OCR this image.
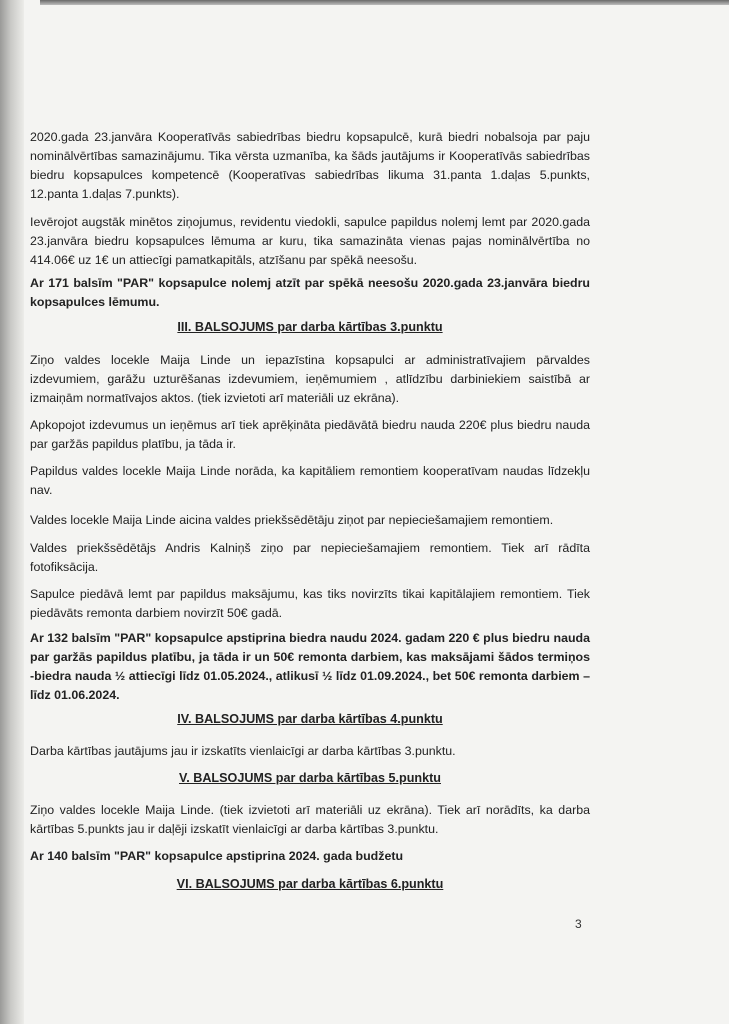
2020.gada 23.janvāra Kooperatīvās sabiedrības biedru kopsapulcē, kurā biedri nobalsoja par paju nominālvērtības samazinājumu. Tika vērsta uzmanība, ka šāds jautājums ir Kooperatīvās sabiedrības biedru kopsapulces kompetencē (Kooperatīvas sabiedrības likuma 31.panta 1.daļas 5.punkts, 12.panta 1.daļas 7.punkts).
Ievērojot augstāk minētos ziņojumus, revidentu viedokli, sapulce papildus nolemj lemt par 2020.gada 23.janvāra biedru kopsapulces lēmuma ar kuru, tika samazināta vienas pajas nominālvērtība no 414.06€ uz 1€ un attiecīgi pamatkapitāls, atzīšanu par spēkā neesošu.
Ar 171 balsīm "PAR" kopsapulce nolemj atzīt par spēkā neesošu 2020.gada 23.janvāra biedru kopsapulces lēmumu.
III. BALSOJUMS par darba kārtības 3.punktu
Ziņo valdes locekle Maija Linde un iepazīstina kopsapulci ar administratīvajiem pārvaldes izdevumiem, garāžu uzturēšanas izdevumiem, ieņēmumiem , atlīdzību darbiniekiem saistībā ar izmaiņām normatīvajos aktos. (tiek izvietoti arī materiāli uz ekrāna).
Apkopojot izdevumus un ieņēmus arī tiek aprēķināta piedāvātā biedru nauda 220€ plus biedru nauda par garžās papildus platību, ja tāda ir.
Papildus valdes locekle Maija Linde norāda, ka kapitāliem remontiem kooperatīvam naudas līdzekļu nav.
Valdes locekle Maija Linde aicina valdes priekšsēdētāju ziņot par nepieciešamajiem remontiem.
Valdes priekšsēdētājs Andris Kalniņš ziņo par nepieciešamajiem remontiem. Tiek arī rādīta fotofiksācija.
Sapulce piedāvā lemt par papildus maksājumu, kas tiks novirzīts tikai kapitālajiem remontiem. Tiek piedāvāts remonta darbiem novirzīt 50€ gadā.
Ar 132 balsīm "PAR" kopsapulce apstiprina biedra naudu 2024. gadam 220 € plus biedru nauda par garžās papildus platību, ja tāda ir un 50€ remonta darbiem, kas maksājami šādos termiņos -biedra nauda ½ attiecīgi līdz 01.05.2024., atlikusī ½ līdz 01.09.2024., bet 50€ remonta darbiem – līdz 01.06.2024.
IV. BALSOJUMS par darba kārtības 4.punktu
Darba kārtības jautājums jau ir izskatīts vienlaicīgi ar darba kārtības 3.punktu.
V. BALSOJUMS par darba kārtības 5.punktu
Ziņo valdes locekle Maija Linde. (tiek izvietoti arī materiāli uz ekrāna). Tiek arī norādīts, ka darba kārtības 5.punkts jau ir daļēji izskatīt vienlaicīgi ar darba kārtības 3.punktu.
Ar 140 balsīm "PAR" kopsapulce apstiprina 2024. gada budžetu
VI. BALSOJUMS par darba kārtības 6.punktu
3
